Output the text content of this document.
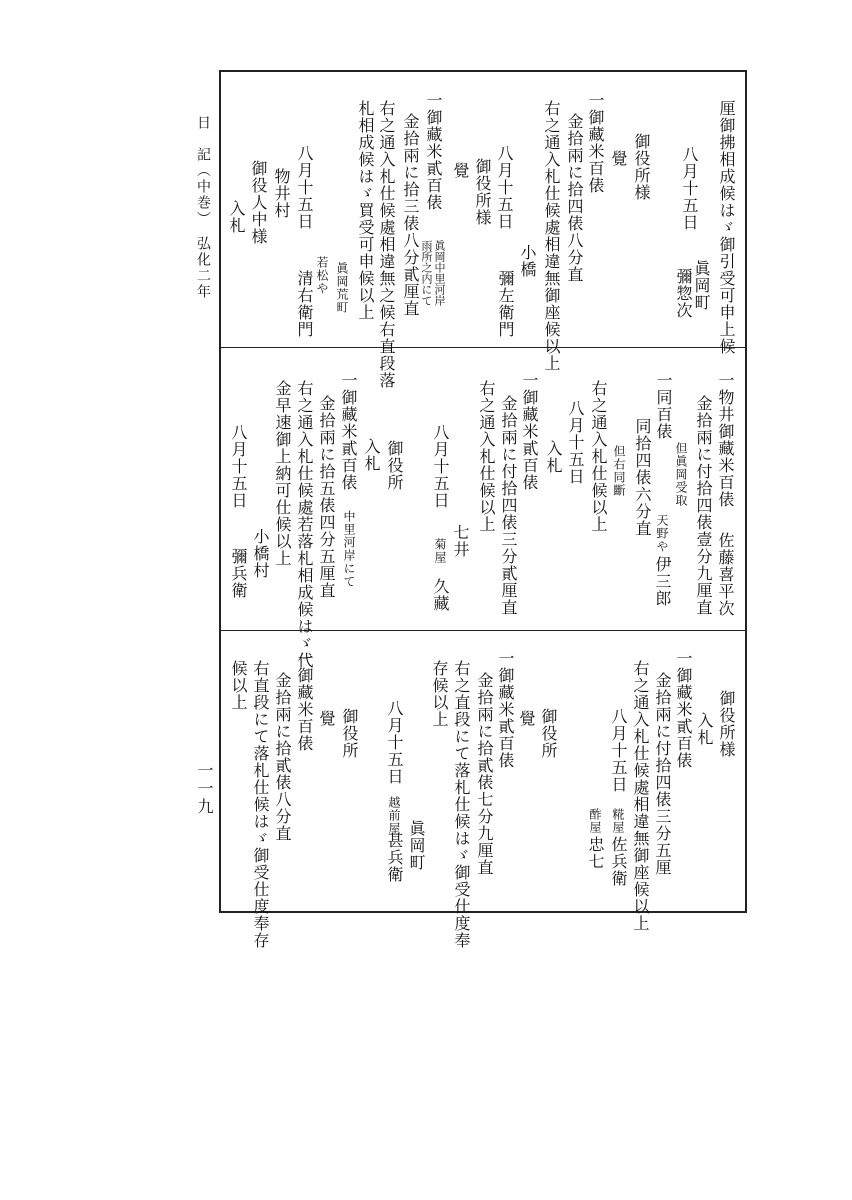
日　記（中巻）　弘化二年
一一九
厘御拂相成候はゞ御引受可申上候
八月十五日
眞岡町
彌惣次
御役所様
覺
一御藏米百俵
金拾兩に拾四俵八分直
右之通入札仕候處相違無御座候以上
八月十五日
小橋
彌左衛門
御役所様
覺
一御藏米貳百俵
眞岡中里河岸
雨所之内にて
金拾兩に拾三俵八分貳厘直
右之通入札仕候處相違無之候右直段落
札相成候はゞ買受可申候以上
眞岡荒町
若松や
清右衛門
八月十五日
物井村
御役人中様
入札
一物井御藏米百俵
佐藤喜平次
金拾兩に付拾四俵壹分九厘直
但眞岡受取
一同百俵
天野や
伊三郎
同拾四俵六分直
但右同斷
右之通入札仕候以上
八月十五日
入札
一御藏米貳百俵
金拾兩に付拾四俵三分貳厘直
右之通入札仕候以上
七井
八月十五日
菊屋
久藏
御役所
入札
一御藏米貳百俵
中里河岸にて
金拾兩に拾五俵四分五厘直
右之通入札仕候處若落札相成候はゞ代
金早速御上納可仕候以上
小橋村
八月十五日
彌兵衛
御役所様
入札
一御藏米貳百俵
金拾兩に付拾四俵三分五厘
右之通入札仕候處相違無御座候以上
八月十五日
糀屋
佐兵衛
酢屋
忠七
御役所
覺
一御藏米貳百俵
金拾兩に拾貳俵七分九厘直
右之直段にて落札仕候はゞ御受仕度奉
存候以上
眞岡町
八月十五日
越前屋
甚兵衛
御役所
覺
一御藏米百俵
金拾兩に拾貳俵八分直
右直段にて落札仕候はゞ御受仕度奉存
候以上
